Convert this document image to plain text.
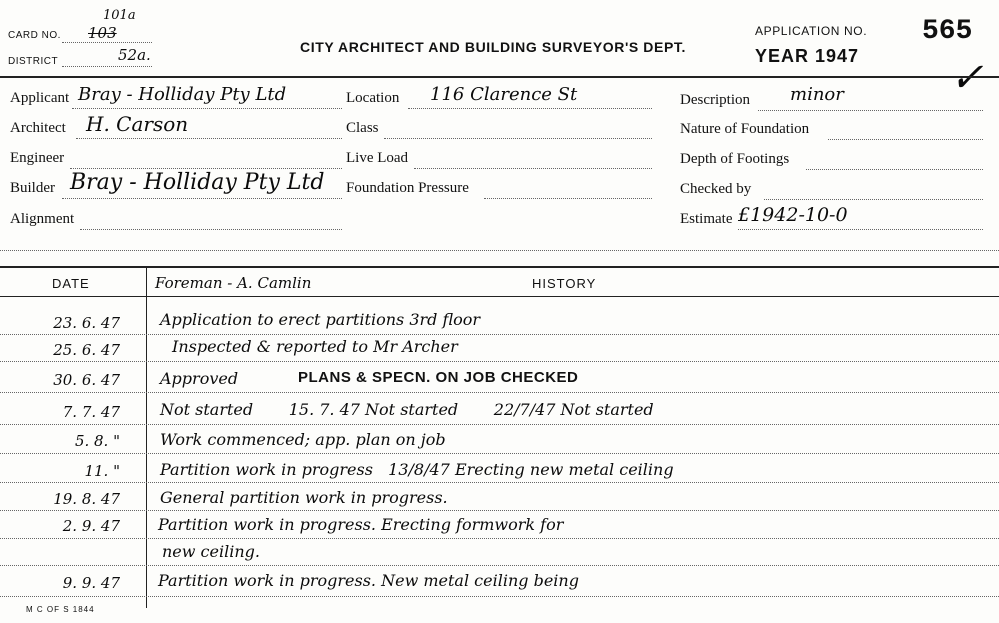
CARD NO.
101a
103
DISTRICT	52a.	CITY ARCHITECT AND BUILDING SURVEYOR'S DEPT.
APPLICATION NO.
YEAR 1947
565
✓
Applicant Bray - Holliday Pty Ltd
Architect H. Carson
Engineer
Builder Bray - Holliday Pty Ltd
Alignment
Location 116 Clarence St
Class
Live Load
Foundation Pressure
Description minor
Nature of Foundation
Depth of Footings
Checked by
Estimate £1942-10-0
DATE	Foreman - A. Camlin	HISTORY
23. 6. 47	Application to erect partitions 3rd floor
25. 6. 47	Inspected & reported to Mr Archer
30. 6. 47	Approved	PLANS & SPECN. ON JOB CHECKED
7. 7. 47	Not started       15. 7. 47 Not started       22/7/47 Not started
5. 8. "	Work commenced; app. plan on job
11. "	Partition work in progress   13/8/47 Erecting new metal ceiling
19. 8. 47	General partition work in progress.
2. 9. 47 Partition work in progress. Erecting formwork for
new ceiling.
9. 9. 47 Partition work in progress. New metal ceiling being
M C OF S 1844
